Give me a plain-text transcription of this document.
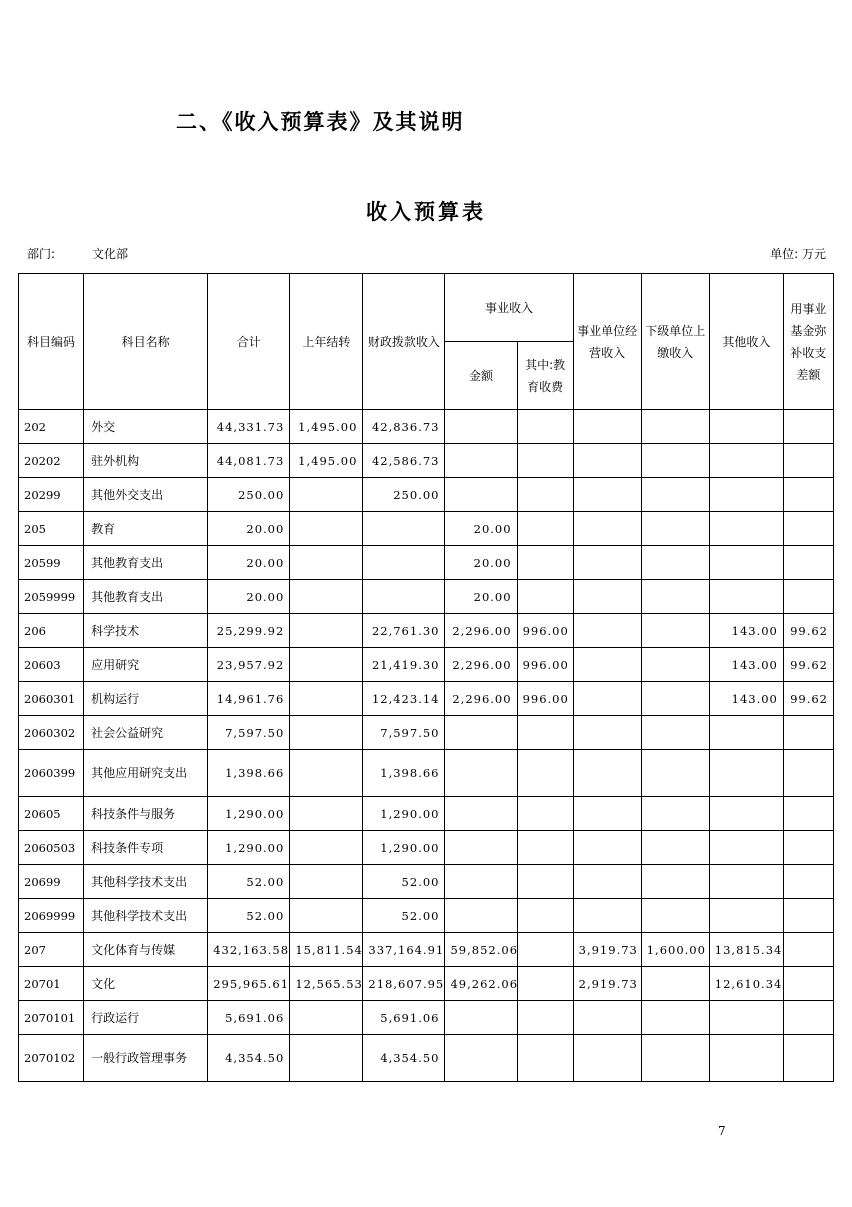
二、《收入预算表》及其说明
收入预算表
部门:	文化部	单位: 万元
科目编码	科目名称	合计	上年结转	财政拨款收入	事业收入		事业单位经营收入	下级单位上缴收入	其他收入	用事业基金弥补收支差额
					金额	其中:教育收费				
202	外交	44,331.73	1,495.00	42,836.73						
20202	驻外机构	44,081.73	1,495.00	42,586.73						
20299	其他外交支出	250.00		250.00						
205	教育	20.00			20.00					
20599	其他教育支出	20.00			20.00					
2059999	其他教育支出	20.00			20.00					
206	科学技术	25,299.92		22,761.30	2,296.00	996.00			143.00	99.62
20603	应用研究	23,957.92		21,419.30	2,296.00	996.00			143.00	99.62
2060301	机构运行	14,961.76		12,423.14	2,296.00	996.00			143.00	99.62
2060302	社会公益研究	7,597.50		7,597.50						
2060399	其他应用研究支出	1,398.66		1,398.66						
20605	科技条件与服务	1,290.00		1,290.00						
2060503	科技条件专项	1,290.00		1,290.00						
20699	其他科学技术支出	52.00		52.00						
2069999	其他科学技术支出	52.00		52.00						
207	文化体育与传媒	432,163.58	15,811.54	337,164.91	59,852.06		3,919.73	1,600.00	13,815.34	
20701	文化	295,965.61	12,565.53	218,607.95	49,262.06		2,919.73		12,610.34	
2070101	行政运行	5,691.06		5,691.06						
2070102	一般行政管理事务	4,354.50		4,354.50						
7
